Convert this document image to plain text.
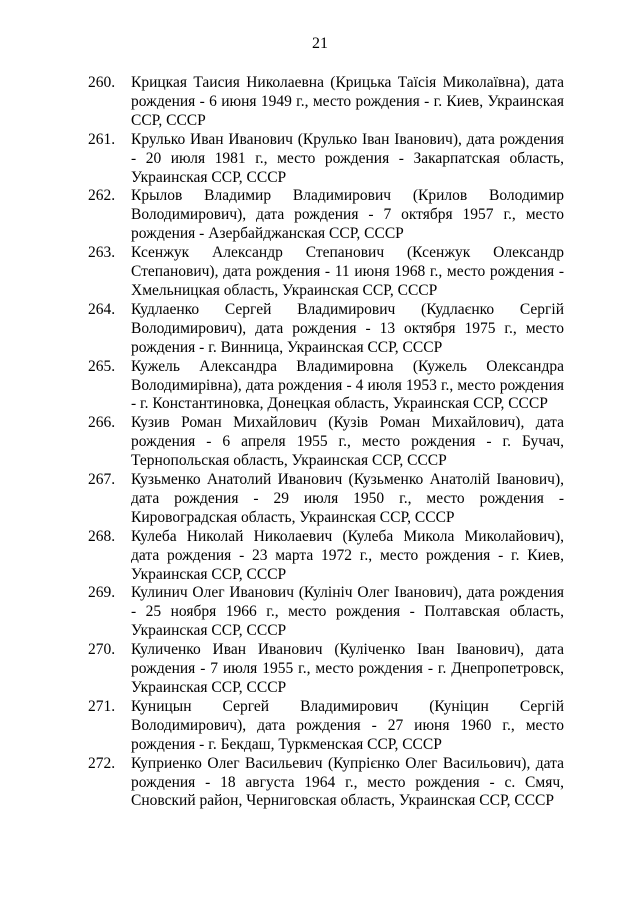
21
260.	Крицкая Таисия Николаевна (Крицька Таїсія Миколаївна), дата рождения - 6 июня 1949 г., место рождения - г. Киев, Украинская ССР, СССР
261.	Крулько Иван Иванович (Крулько Іван Іванович), дата рождения - 20 июля 1981 г., место рождения - Закарпатская область, Украинская ССР, СССР
262.	Крылов Владимир Владимирович (Крилов Володимир Володимирович), дата рождения - 7 октября 1957 г., место рождения - Азербайджанская ССР, СССР
263.	Ксенжук Александр Степанович (Ксенжук Олександр Степанович), дата рождения - 11 июня 1968 г., место рождения - Хмельницкая область, Украинская ССР, СССР
264.	Кудлаенко Сергей Владимирович (Кудлаєнко Сергій Володимирович), дата рождения - 13 октября 1975 г., место рождения - г. Винница, Украинская ССР, СССР
265.	Кужель Александра Владимировна (Кужель Олександра Володимирівна), дата рождения - 4 июля 1953 г., место рождения - г. Константиновка, Донецкая область, Украинская ССР, СССР
266.	Кузив Роман Михайлович (Кузів Роман Михайлович), дата рождения - 6 апреля 1955 г., место рождения - г. Бучач, Тернопольская область, Украинская ССР, СССР
267.	Кузьменко Анатолий Иванович (Кузьменко Анатолій Іванович), дата рождения - 29 июля 1950 г., место рождения - Кировоградская область, Украинская ССР, СССР
268.	Кулеба Николай Николаевич (Кулеба Микола Миколайович), дата рождения - 23 марта 1972 г., место рождения - г. Киев, Украинская ССР, СССР
269.	Кулинич Олег Иванович (Кулініч Олег Іванович), дата рождения - 25 ноября 1966 г., место рождения - Полтавская область, Украинская ССР, СССР
270.	Куличенко Иван Иванович (Куліченко Іван Іванович), дата рождения - 7 июля 1955 г., место рождения - г. Днепропетровск, Украинская ССР, СССР
271.	Куницын Сергей Владимирович (Куніцин Сергій Володимирович), дата рождения - 27 июня 1960 г., место рождения - г. Бекдаш, Туркменская ССР, СССР
272.	Куприенко Олег Васильевич (Купрієнко Олег Васильович), дата рождения - 18 августа 1964 г., место рождения - с. Смяч, Сновский район, Черниговская область, Украинская ССР, СССР
